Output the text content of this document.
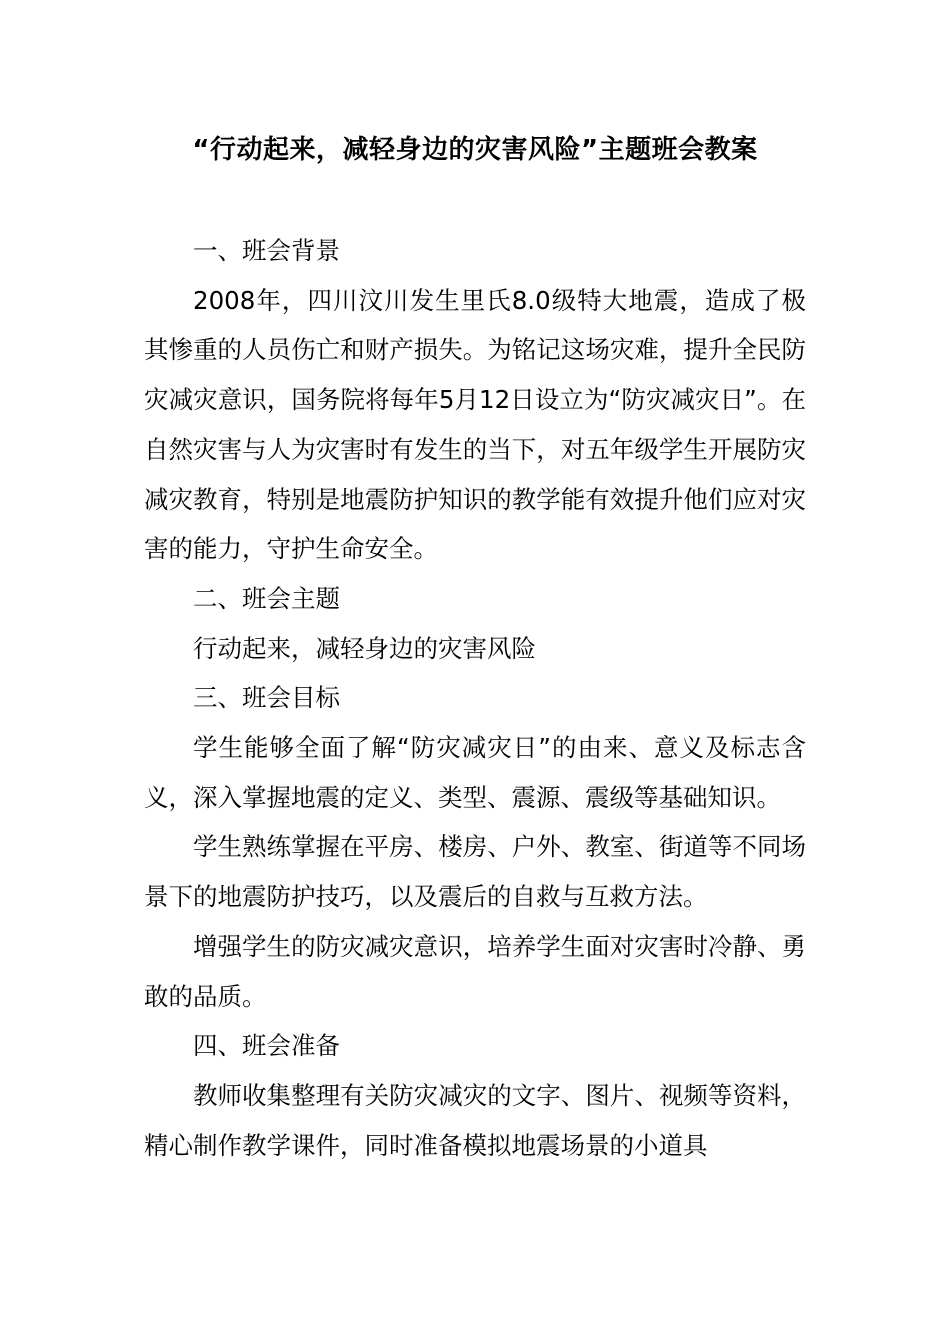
“行动起来，减轻身边的灾害风险”主题班会教案

一、班会背景

2008年，四川汶川发生里氏8.0级特大地震，造成了极其惨重的人员伤亡和财产损失。为铭记这场灾难，提升全民防灾减灾意识，国务院将每年5月12日设立为“防灾减灾日”。在自然灾害与人为灾害时有发生的当下，对五年级学生开展防灾减灾教育，特别是地震防护知识的教学能有效提升他们应对灾害的能力，守护生命安全。

二、班会主题

行动起来，减轻身边的灾害风险

三、班会目标

学生能够全面了解“防灾减灾日”的由来、意义及标志含义，深入掌握地震的定义、类型、震源、震级等基础知识。

学生熟练掌握在平房、楼房、户外、教室、街道等不同场景下的地震防护技巧，以及震后的自救与互救方法。

增强学生的防灾减灾意识，培养学生面对灾害时冷静、勇敢的品质。

四、班会准备

教师收集整理有关防灾减灾的文字、图片、视频等资料，精心制作教学课件，同时准备模拟地震场景的小道具
